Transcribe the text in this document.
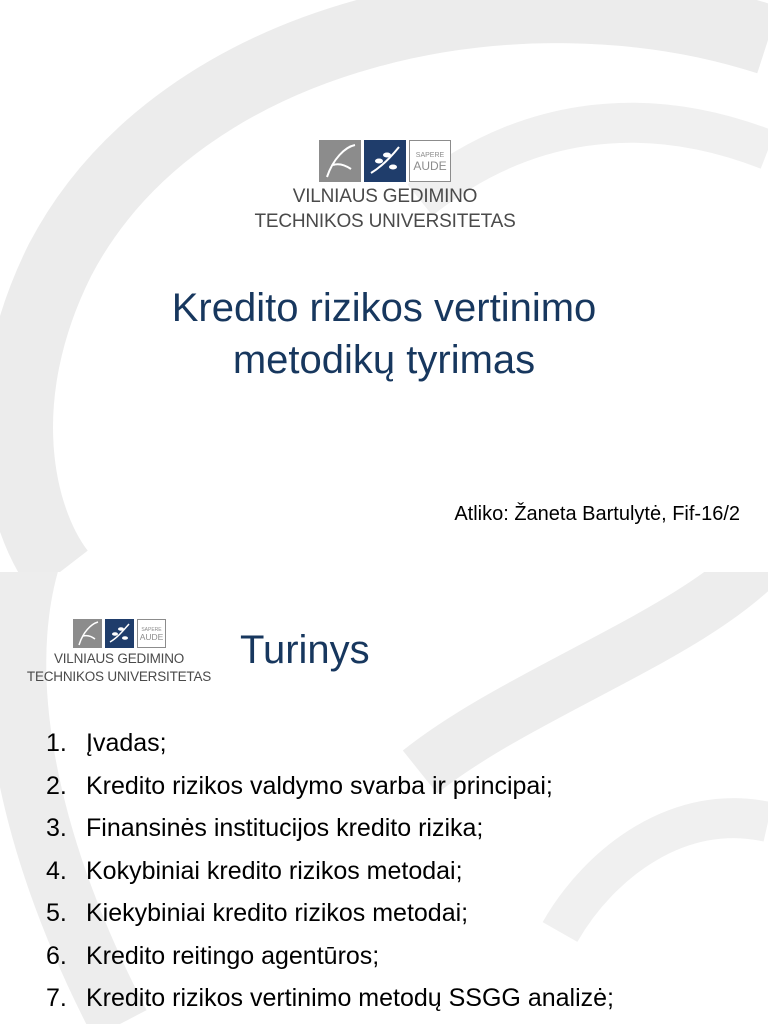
SAPERE
AUDE
VILNIAUS GEDIMINO
TECHNIKOS UNIVERSITETAS
Kredito rizikos vertinimo
metodikų tyrimas
Atliko: Žaneta Bartulytė, Fif-16/2
SAPERE
AUDE
VILNIAUS GEDIMINO
TECHNIKOS UNIVERSITETAS
Turinys
1. Įvadas;
2. Kredito rizikos valdymo svarba ir principai;
3. Finansinės institucijos kredito rizika;
4. Kokybiniai kredito rizikos metodai;
5. Kiekybiniai kredito rizikos metodai;
6. Kredito reitingo agentūros;
7. Kredito rizikos vertinimo metodų SSGG analizė;
